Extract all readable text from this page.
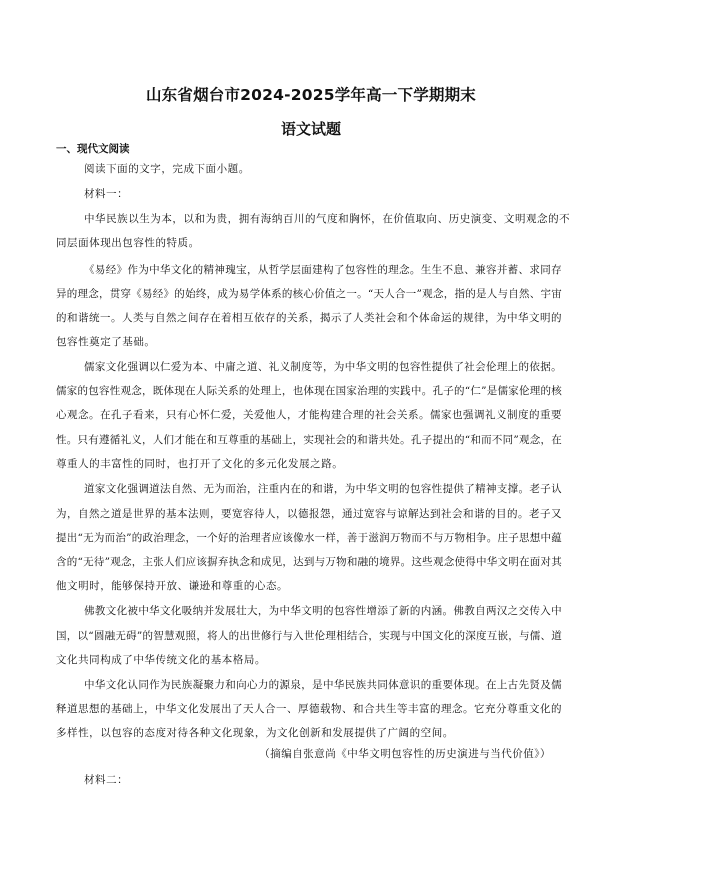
山东省烟台市2024-2025学年高一下学期期末
语文试题
一、现代文阅读
阅读下面的文字，完成下面小题。
材料一：
中华民族以生为本，以和为贵，拥有海纳百川的气度和胸怀，在价值取向、历史演变、文明观念的不
同层面体现出包容性的特质。
《易经》作为中华文化的精神瑰宝，从哲学层面建构了包容性的理念。生生不息、兼容并蓄、求同存
异的理念，贯穿《易经》的始终，成为易学体系的核心价值之一。“天人合一”观念，指的是人与自然、宇宙
的和谐统一。人类与自然之间存在着相互依存的关系，揭示了人类社会和个体命运的规律，为中华文明的
包容性奠定了基础。
儒家文化强调以仁爱为本、中庸之道、礼义制度等，为中华文明的包容性提供了社会伦理上的依据。
儒家的包容性观念，既体现在人际关系的处理上，也体现在国家治理的实践中。孔子的“仁”是儒家伦理的核
心观念。在孔子看来，只有心怀仁爱，关爱他人，才能构建合理的社会关系。儒家也强调礼义制度的重要
性。只有遵循礼义，人们才能在和互尊重的基础上，实现社会的和谐共处。孔子提出的“和而不同”观念，在
尊重人的丰富性的同时，也打开了文化的多元化发展之路。
道家文化强调道法自然、无为而治，注重内在的和谐，为中华文明的包容性提供了精神支撑。老子认
为，自然之道是世界的基本法则，要宽容待人，以德报怨，通过宽容与谅解达到社会和谐的目的。老子又
提出“无为而治”的政治理念，一个好的治理者应该像水一样，善于滋润万物而不与万物相争。庄子思想中蕴
含的“无待”观念，主张人们应该摒弃执念和成见，达到与万物和融的境界。这些观念使得中华文明在面对其
他文明时，能够保持开放、谦逊和尊重的心态。
佛教文化被中华文化吸纳并发展壮大，为中华文明的包容性增添了新的内涵。佛教自两汉之交传入中
国，以“圆融无碍”的智慧观照，将人的出世修行与入世伦理相结合，实现与中国文化的深度互嵌，与儒、道
文化共同构成了中华传统文化的基本格局。
中华文化认同作为民族凝聚力和向心力的源泉，是中华民族共同体意识的重要体现。在上古先贤及儒
释道思想的基础上，中华文化发展出了天人合一、厚德载物、和合共生等丰富的理念。它充分尊重文化的
多样性，以包容的态度对待各种文化现象，为文化创新和发展提供了广阔的空间。
（摘编自张意尚《中华文明包容性的历史演进与当代价值》）
材料二：
